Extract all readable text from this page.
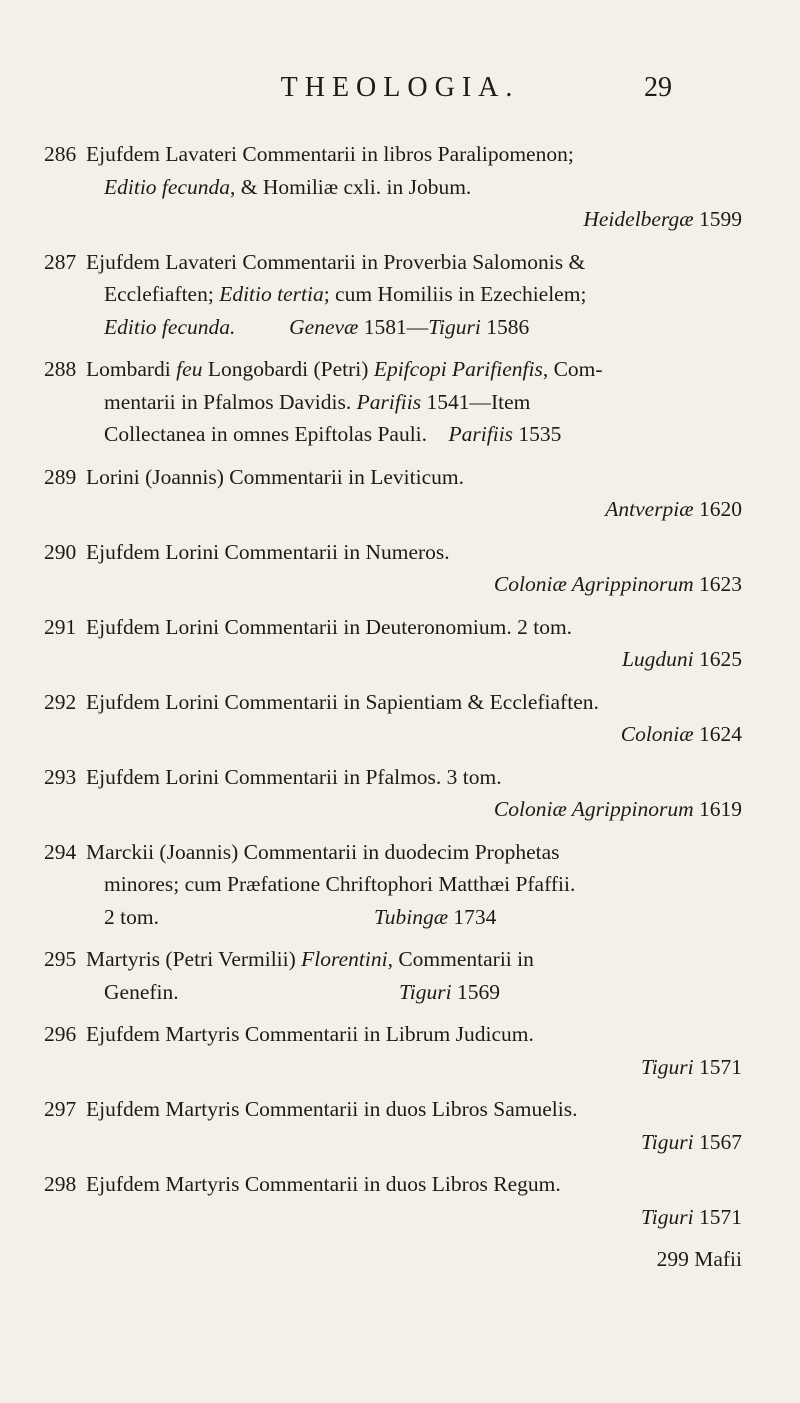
THEOLOGIA.	29
286 Ejufdem Lavateri Commentarii in libros Paralipomenon;
Editio fecunda, & Homiliæ cxli. in Jobum.
Heidelbergæ 1599
287 Ejufdem Lavateri Commentarii in Proverbia Salomonis &
Ecclefiaften; Editio tertia; cum Homiliis in Ezechielem;
Editio fecunda.	Genevæ 1581—Tiguri 1586
288 Lombardi feu Longobardi (Petri) Epifcopi Parifienfis, Com-
mentarii in Pfalmos Davidis. Parifiis 1541—Item
Collectanea in omnes Epiftolas Pauli.    Parifiis 1535
289 Lorini (Joannis) Commentarii in Leviticum.
Antverpiæ 1620
290 Ejufdem Lorini Commentarii in Numeros.
Coloniæ Agrippinorum 1623
291 Ejufdem Lorini Commentarii in Deuteronomium. 2 tom.
Lugduni 1625
292 Ejufdem Lorini Commentarii in Sapientiam & Ecclefiaften.
Coloniæ 1624
293 Ejufdem Lorini Commentarii in Pfalmos. 3 tom.
Coloniæ Agrippinorum 1619
294 Marckii (Joannis) Commentarii in duodecim Prophetas
minores; cum Præfatione Chriftophori Matthæi Pfaffii.
2 tom.                                        Tubingæ 1734
295 Martyris (Petri Vermilii) Florentini, Commentarii in
Genefin.                                         Tiguri 1569
296 Ejufdem Martyris Commentarii in Librum Judicum.
Tiguri 1571
297 Ejufdem Martyris Commentarii in duos Libros Samuelis.
Tiguri 1567
298 Ejufdem Martyris Commentarii in duos Libros Regum.
Tiguri 1571
299 Mafii
